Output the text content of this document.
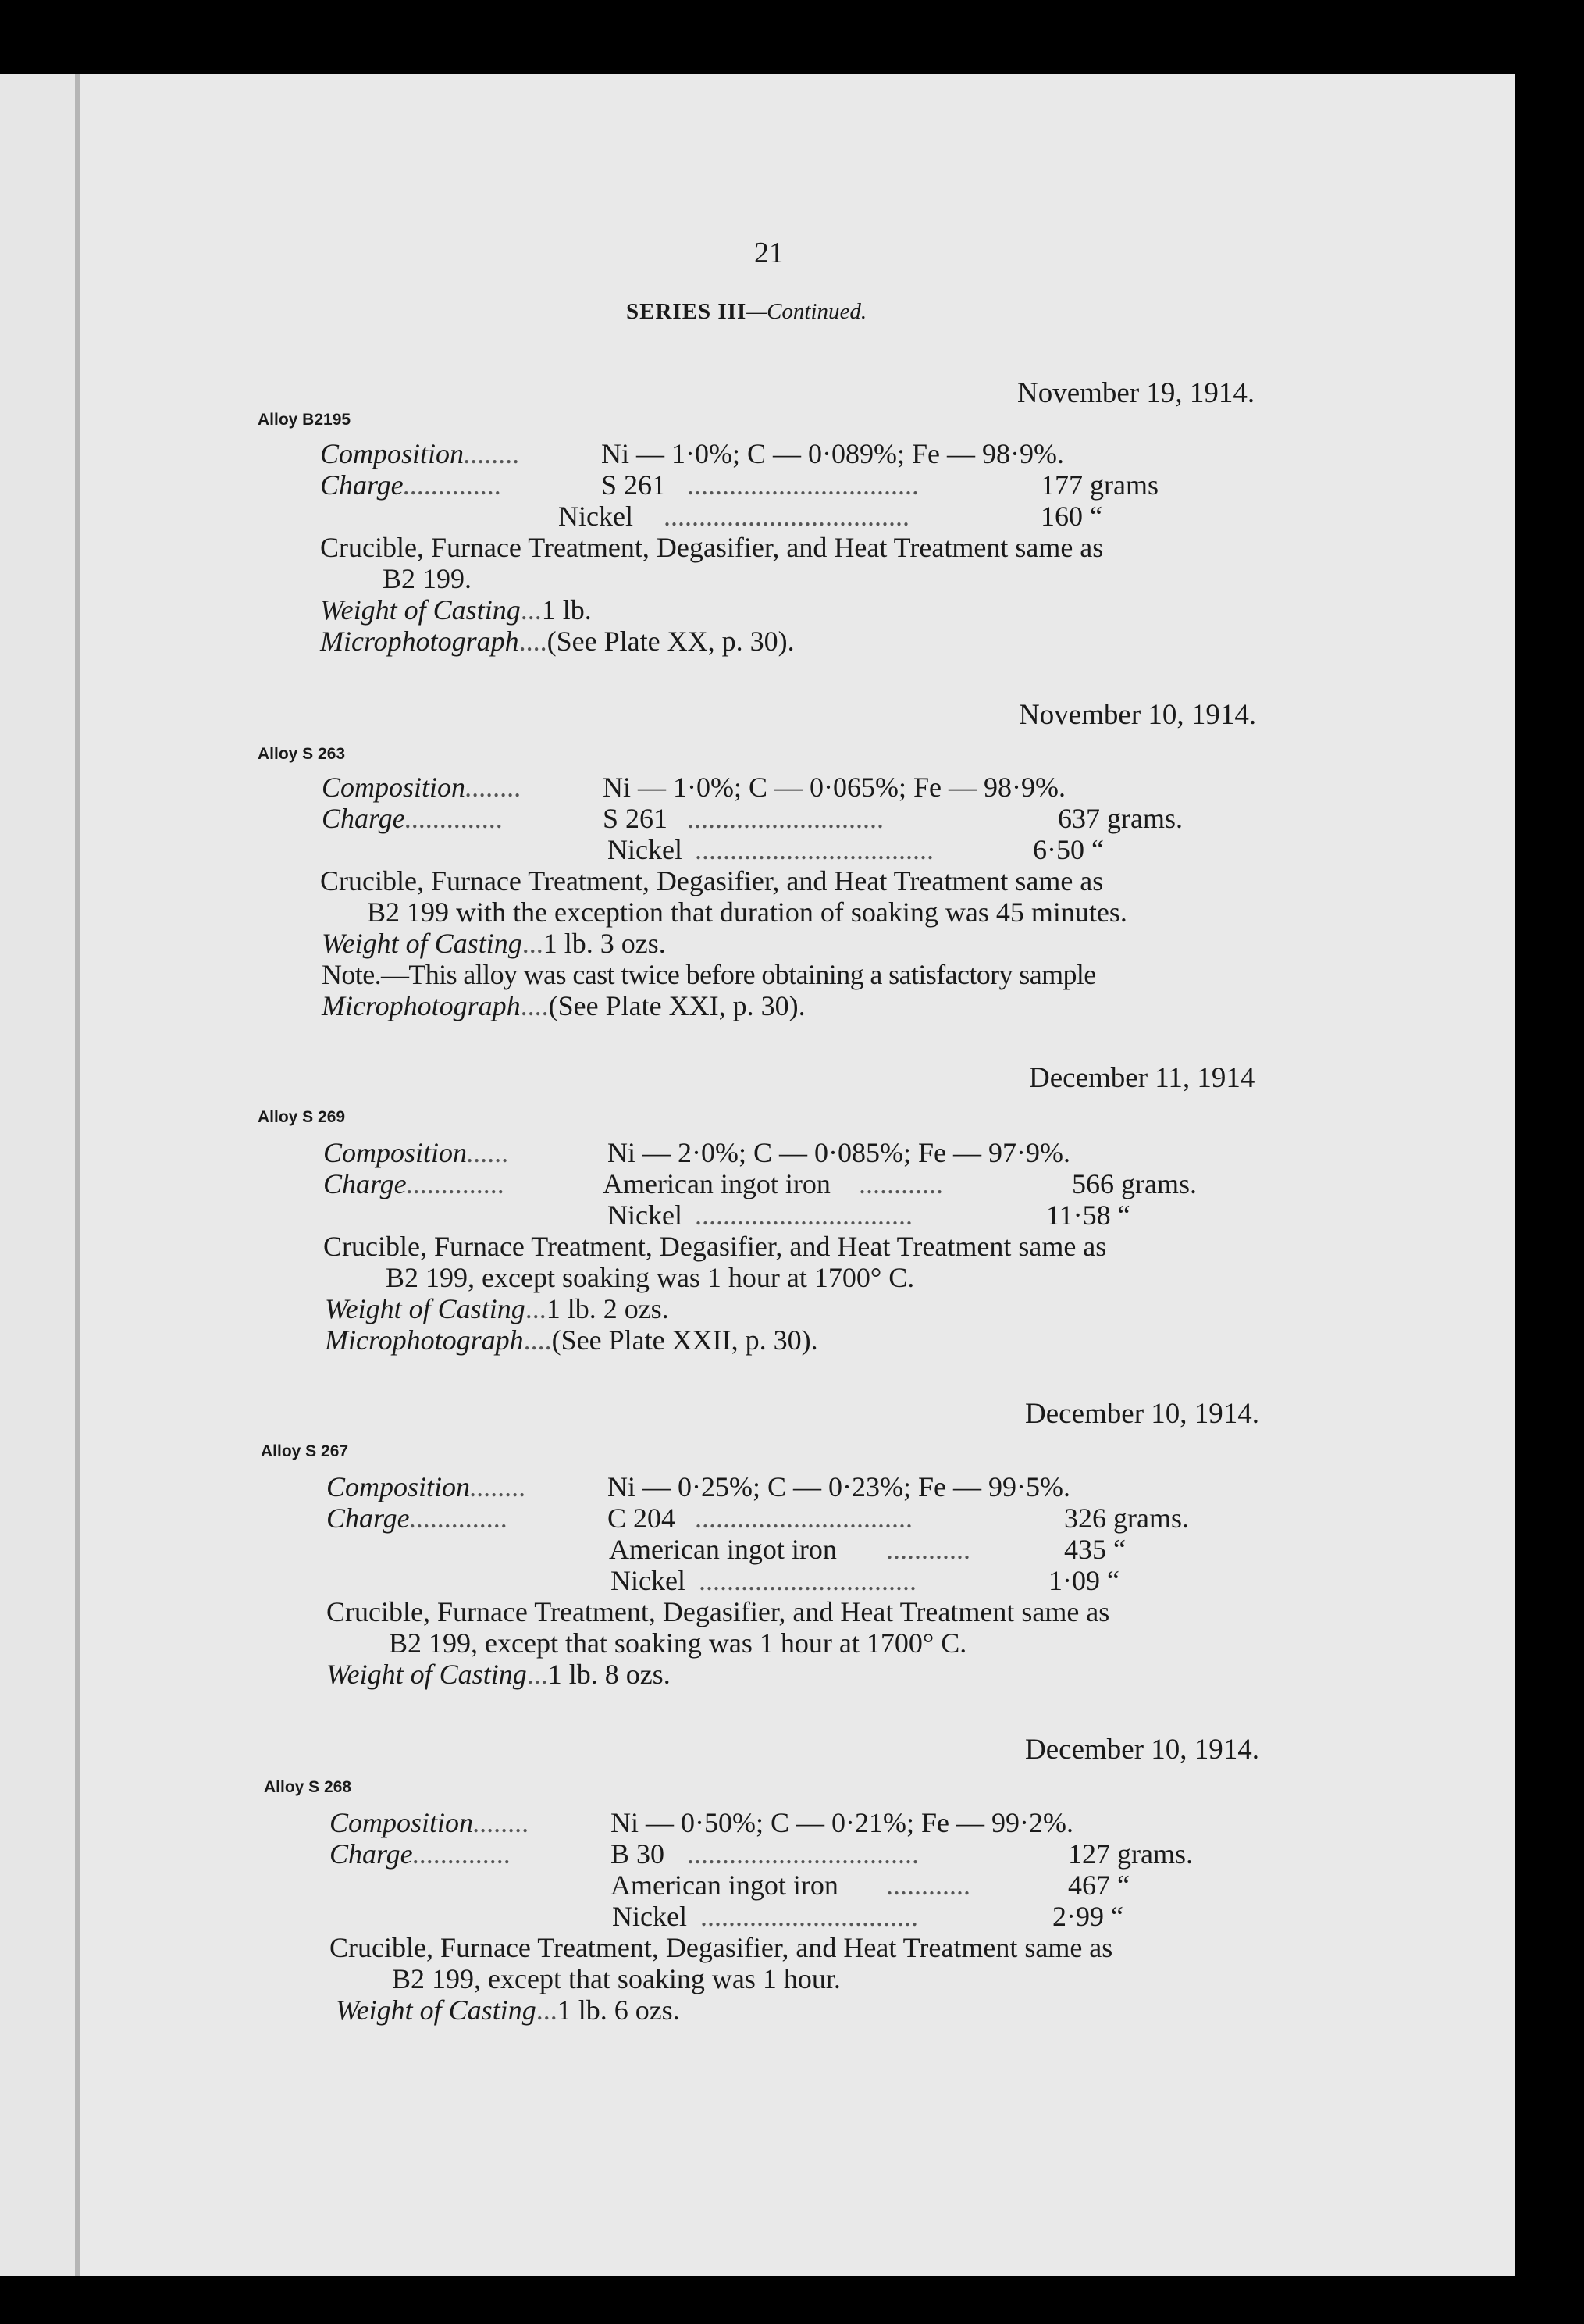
21
SERIES III—Continued.
November 19, 1914.
Alloy B2195
Composition........	Ni — 1·0%; C — 0·089%; Fe — 98·9%.
Charge..............	S 261 .................................	177 grams
Nickel ...................................	160 “
Crucible, Furnace Treatment, Degasifier, and Heat Treatment same as
B2 199.
Weight of Casting...1 lb.
Microphotograph....(See Plate XX, p. 30).
November 10, 1914.
Alloy S 263
Composition........	Ni — 1·0%; C — 0·065%; Fe — 98·9%.
Charge..............	S 261 ............................	637 grams.
Nickel ..................................	6·50 “
Crucible, Furnace Treatment, Degasifier, and Heat Treatment same as
B2 199 with the exception that duration of soaking was 45 minutes.
Weight of Casting...1 lb. 3 ozs.
Note.—This alloy was cast twice before obtaining a satisfactory sample
Microphotograph....(See Plate XXI, p. 30).
December 11, 1914
Alloy S 269
Composition......	Ni — 2·0%; C — 0·085%; Fe — 97·9%.
Charge..............	American ingot iron ............	566 grams.
Nickel ...............................	11·58 “
Crucible, Furnace Treatment, Degasifier, and Heat Treatment same as
B2 199, except soaking was 1 hour at 1700° C.
Weight of Casting...1 lb. 2 ozs.
Microphotograph....(See Plate XXII, p. 30).
December 10, 1914.
Alloy S 267
Composition........	Ni — 0·25%; C — 0·23%; Fe — 99·5%.
Charge..............	C 204 ...............................	326 grams.
American ingot iron ............	435 “
Nickel ...............................	1·09 “
Crucible, Furnace Treatment, Degasifier, and Heat Treatment same as
B2 199, except that soaking was 1 hour at 1700° C.
Weight of Casting...1 lb. 8 ozs.
December 10, 1914.
Alloy S 268
Composition........	Ni — 0·50%; C — 0·21%; Fe — 99·2%.
Charge..............	B 30 .................................	127 grams.
American ingot iron ............	467 “
Nickel ...............................	2·99 “
Crucible, Furnace Treatment, Degasifier, and Heat Treatment same as
B2 199, except that soaking was 1 hour.
Weight of Casting...1 lb. 6 ozs.
